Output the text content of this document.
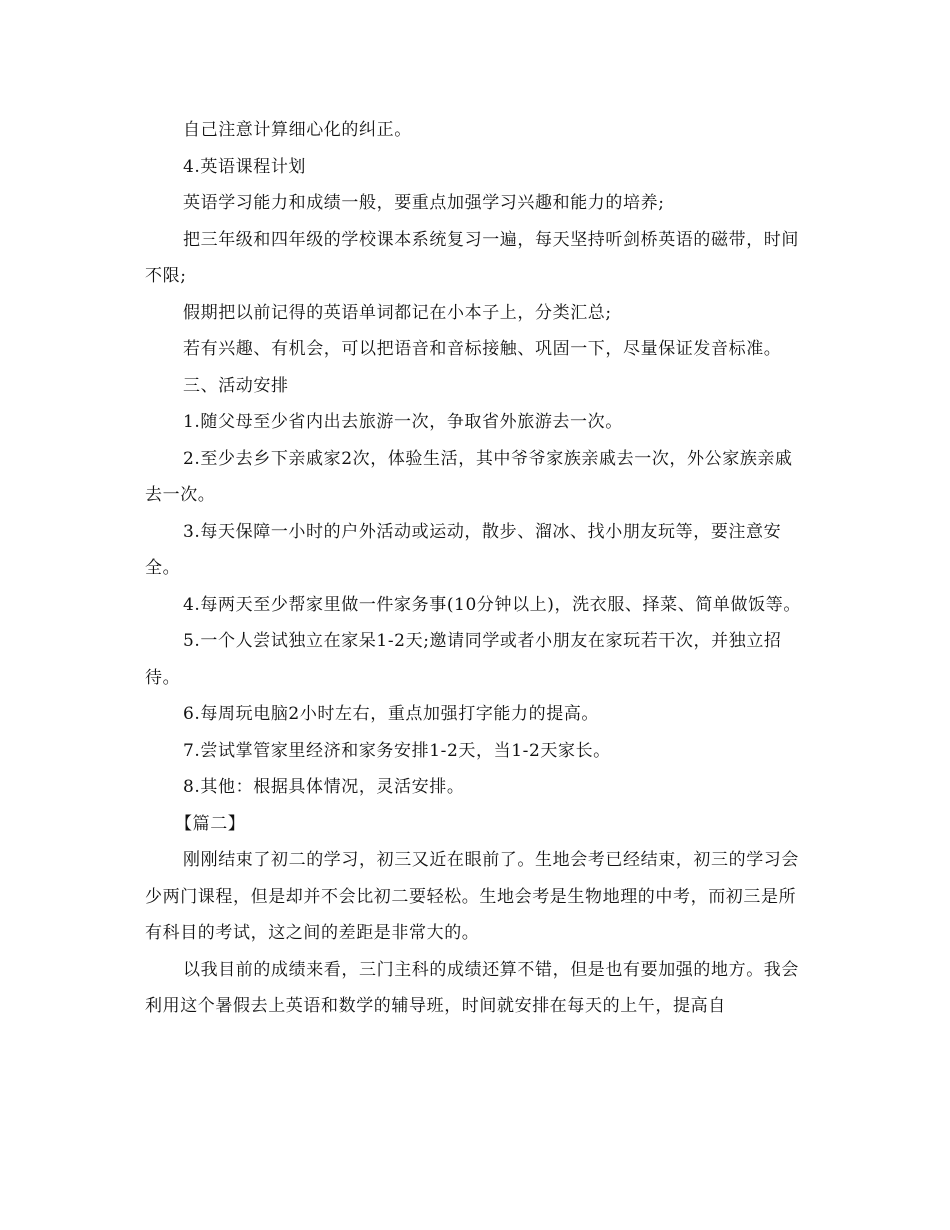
自己注意计算细心化的纠正。

4.英语课程计划

英语学习能力和成绩一般，要重点加强学习兴趣和能力的培养;

把三年级和四年级的学校课本系统复习一遍，每天坚持听剑桥英语的磁带，时间不限;

假期把以前记得的英语单词都记在小本子上，分类汇总;

若有兴趣、有机会，可以把语音和音标接触、巩固一下，尽量保证发音标准。

三、活动安排

1.随父母至少省内出去旅游一次，争取省外旅游去一次。

2.至少去乡下亲戚家2次，体验生活，其中爷爷家族亲戚去一次，外公家族亲戚去一次。

3.每天保障一小时的户外活动或运动，散步、溜冰、找小朋友玩等，要注意安全。

4.每两天至少帮家里做一件家务事(10分钟以上)，洗衣服、择菜、简单做饭等。

5.一个人尝试独立在家呆1-2天;邀请同学或者小朋友在家玩若干次，并独立招待。

6.每周玩电脑2小时左右，重点加强打字能力的提高。

7.尝试掌管家里经济和家务安排1-2天，当1-2天家长。

8.其他：根据具体情况，灵活安排。

【篇二】

刚刚结束了初二的学习，初三又近在眼前了。生地会考已经结束，初三的学习会少两门课程，但是却并不会比初二要轻松。生地会考是生物地理的中考，而初三是所有科目的考试，这之间的差距是非常大的。

以我目前的成绩来看，三门主科的成绩还算不错，但是也有要加强的地方。我会利用这个暑假去上英语和数学的辅导班，时间就安排在每天的上午，提高自
